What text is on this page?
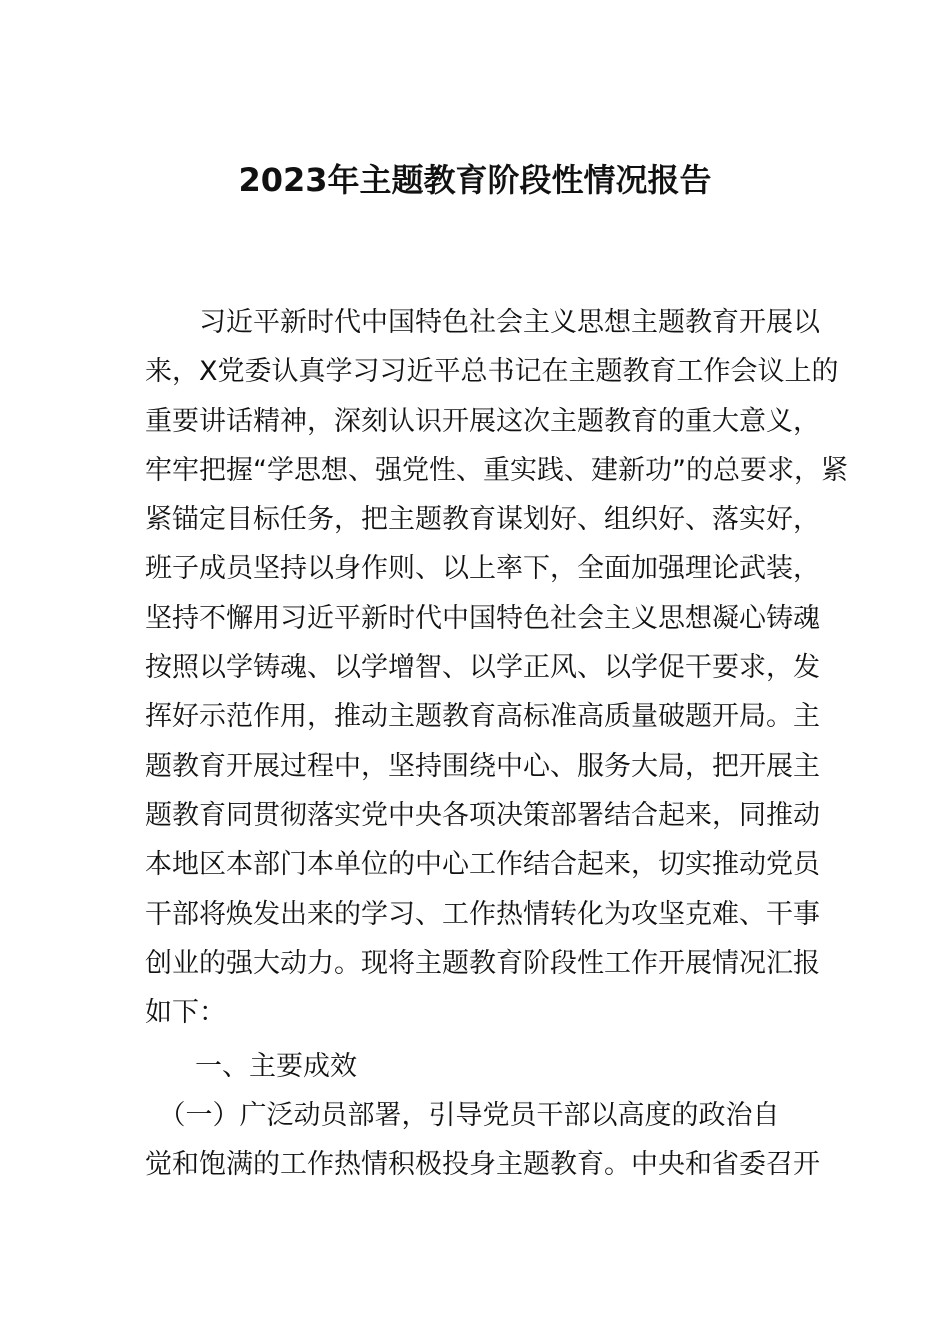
2023年主题教育阶段性情况报告
　　习近平新时代中国特色社会主义思想主题教育开展以
来，X党委认真学习习近平总书记在主题教育工作会议上的
重要讲话精神，深刻认识开展这次主题教育的重大意义，
牢牢把握“学思想、强党性、重实践、建新功”的总要求，紧
紧锚定目标任务，把主题教育谋划好、组织好、落实好，
班子成员坚持以身作则、以上率下，全面加强理论武装，
坚持不懈用习近平新时代中国特色社会主义思想凝心铸魂
按照以学铸魂、以学增智、以学正风、以学促干要求，发
挥好示范作用，推动主题教育高标准高质量破题开局。主
题教育开展过程中，坚持围绕中心、服务大局，把开展主
题教育同贯彻落实党中央各项决策部署结合起来，同推动
本地区本部门本单位的中心工作结合起来，切实推动党员
干部将焕发出来的学习、工作热情转化为攻坚克难、干事
创业的强大动力。现将主题教育阶段性工作开展情况汇报
如下：
一、主要成效
　（一）广泛动员部署，引导党员干部以高度的政治自
觉和饱满的工作热情积极投身主题教育。中央和省委召开
